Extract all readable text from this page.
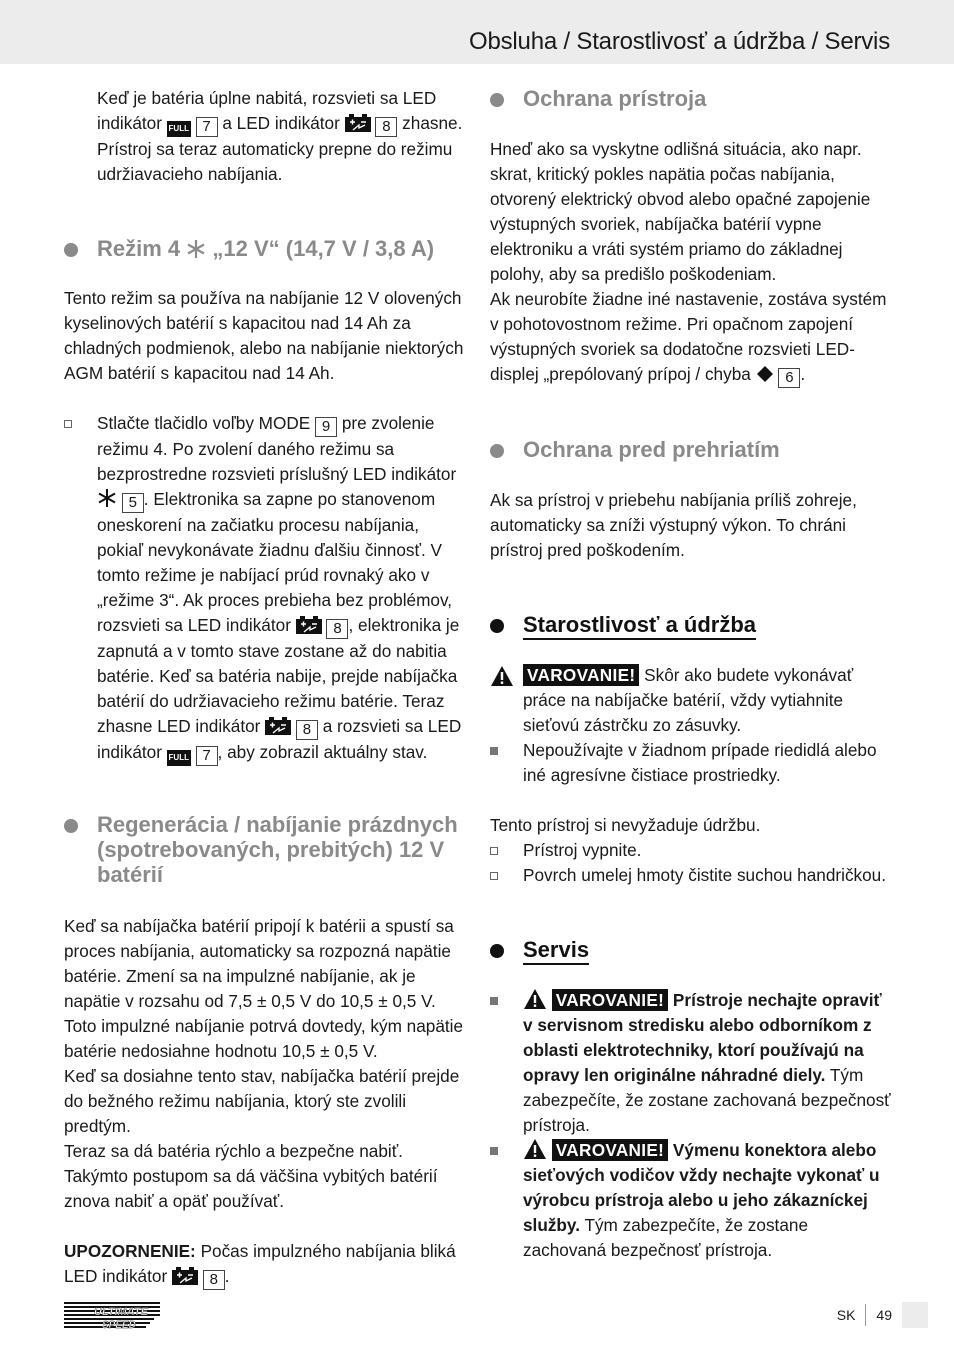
Obsluha / Starostlivosť a údržba / Servis
Keď je batéria úplne nabitá, rozsvieti sa LED indikátor FULL 7 a LED indikátor	8 zhasne. Prístroj sa teraz automaticky prepne do režimu udržiavacieho nabíjania.
Režim 4 „12 V“ (14,7 V / 3,8 A)
Tento režim sa používa na nabíjanie 12 V olovených kyselinových batérií s kapacitou nad 14 Ah za chladných podmienok, alebo na nabíjanie niektorých AGM batérií s kapacitou nad 14 Ah.
Stlačte tlačidlo voľby MODE 9 pre zvolenie režimu 4. Po zvolení daného režimu sa bezprostredne rozsvieti príslušný LED indikátor  5 . Elektronika sa zapne po stanovenom oneskorení na začiatku procesu nabíjania, pokiaľ nevykonávate žiadnu ďalšiu činnosť. V tomto režime je nabíjací prúd rovnaký ako v „režime 3“. Ak proces prebieha bez problémov, rozsvieti sa LED indikátor	8 , elektronika je zapnutá a v tomto stave zostane až do nabitia batérie. Keď sa batéria nabije, prejde nabíjačka batérií do udržiavacieho režimu batérie. Teraz zhasne LED indikátor	8 a rozsvieti sa LED indikátor FULL 7 , aby zobrazil aktuálny stav.
Regenerácia / nabíjanie prázdnych (spotrebovaných, prebitých) 12 V batérií
Keď sa nabíjačka batérií pripojí k batérii a spustí sa proces nabíjania, automaticky sa rozpozná napätie batérie. Zmení sa na impulzné nabíjanie, ak je napätie v rozsahu od 7,5 ± 0,5 V do 10,5 ± 0,5 V. Toto impulzné nabíjanie potrvá dovtedy, kým napätie batérie nedosiahne hodnotu 10,5 ± 0,5 V.
Keď sa dosiahne tento stav, nabíjačka batérií prejde do bežného režimu nabíjania, ktorý ste zvolili predtým.
Teraz sa dá batéria rýchlo a bezpečne nabiť. Takýmto postupom sa dá väčšina vybitých batérií znova nabiť a opäť používať.
UPOZORNENIE: Počas impulzného nabíjania bliká LED indikátor	8 .
Ochrana prístroja
Hneď ako sa vyskytne odlišná situácia, ako napr. skrat, kritický pokles napätia počas nabíjania, otvorený elektrický obvod alebo opačné zapojenie výstupných svoriek, nabíjačka batérií vypne elektroniku a vráti systém priamo do základnej polohy, aby sa predišlo poškodeniam.
Ak neurobíte žiadne iné nastavenie, zostáva systém v pohotovostnom režime. Pri opačnom zapojení výstupných svoriek sa dodatočne rozsvieti LED-displej „prepólovaný prípoj / chyba 6 .
Ochrana pred prehriatím
Ak sa prístroj v priebehu nabíjania príliš zohreje, automaticky sa zníži výstupný výkon. To chráni prístroj pred poškodením.
Starostlivosť a údržba
VAROVANIE! Skôr ako budete vykonávať práce na nabíjačke batérií, vždy vytiahnite sieťovú zástrčku zo zásuvky.
Nepoužívajte v žiadnom prípade riedidlá alebo iné agresívne čistiace prostriedky.
Tento prístroj si nevyžaduje údržbu.
Prístroj vypnite.
Povrch umelej hmoty čistite suchou handričkou.
Servis
VAROVANIE! Prístroje nechajte opraviť v servisnom stredisku alebo odborníkom z oblasti elektrotechniky, ktorí používajú na opravy len originálne náhradné diely. Tým zabezpečíte, že zostane zachovaná bezpečnosť prístroja.
VAROVANIE! Výmenu konektora alebo sieťových vodičov vždy nechajte vykonať u výrobcu prístroja alebo u jeho zákazníckej služby. Tým zabezpečíte, že zostane zachovaná bezpečnosť prístroja.
ULTIMATE
SPEED
SK	49
